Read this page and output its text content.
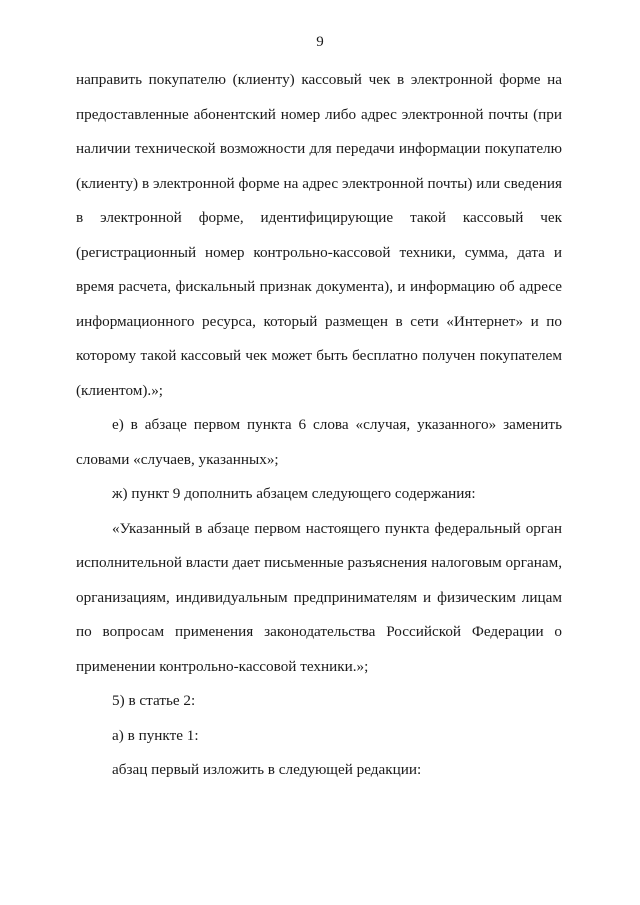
9
направить покупателю (клиенту) кассовый чек в электронной форме на
предоставленные абонентский номер либо адрес электронной почты (при
наличии технической возможности для передачи информации покупателю
(клиенту) в электронной форме на адрес электронной почты) или сведения
в электронной форме, идентифицирующие такой кассовый чек
(регистрационный номер контрольно-кассовой техники, сумма, дата и
время расчета, фискальный признак документа), и информацию об адресе
информационного ресурса, который размещен в сети «Интернет» и по
которому такой кассовый чек может быть бесплатно получен покупателем
(клиентом).»;
е) в абзаце первом пункта 6 слова «случая, указанного» заменить
словами «случаев, указанных»;
ж) пункт 9 дополнить абзацем следующего содержания:
«Указанный в абзаце первом настоящего пункта федеральный орган
исполнительной власти дает письменные разъяснения налоговым органам,
организациям, индивидуальным предпринимателям и физическим лицам
по вопросам применения законодательства Российской Федерации о
применении контрольно-кассовой техники.»;
5) в статье 2:
а) в пункте 1:
абзац первый изложить в следующей редакции:
